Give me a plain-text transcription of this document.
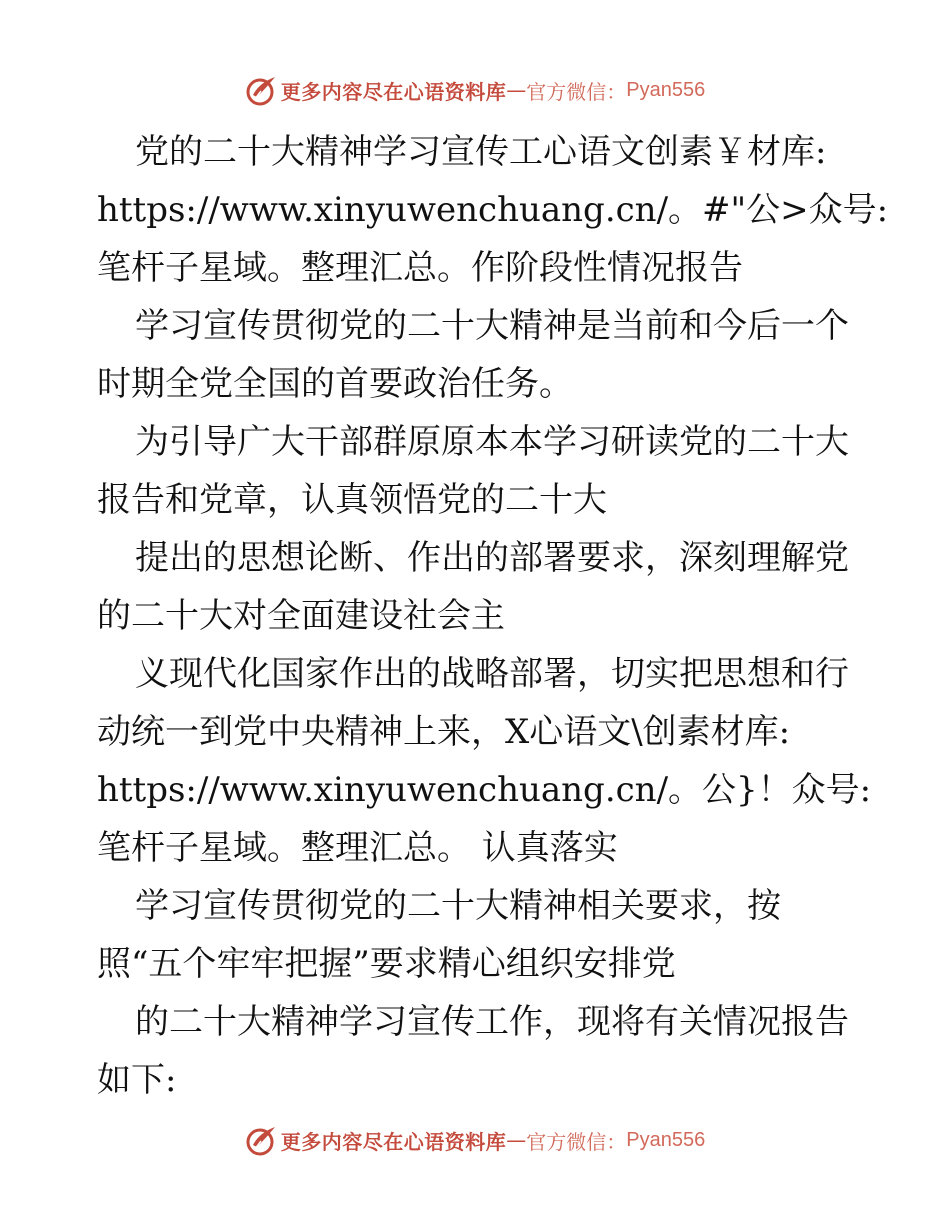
更多内容尽在心语资料库 — 官方微信： Pyan556
党的二十大精神学习宣传工心语文创素￥材库:
https://www.xinyuwenchuang.cn/。#"公>众号:
笔杆子星域。整理汇总。作阶段性情况报告
学习宣传贯彻党的二十大精神是当前和今后一个
时期全党全国的首要政治任务。
为引导广大干部群原原本本学习研读党的二十大
报告和党章，认真领悟党的二十大
提出的思想论断、作出的部署要求，深刻理解党
的二十大对全面建设社会主
义现代化国家作出的战略部署，切实把思想和行
动统一到党中央精神上来，X心语文\创素材库:
https://www.xinyuwenchuang.cn/。公}！众号:
笔杆子星域。整理汇总。 认真落实
学习宣传贯彻党的二十大精神相关要求，按
照“五个牢牢把握”要求精心组织安排党
的二十大精神学习宣传工作，现将有关情况报告
如下:
更多内容尽在心语资料库 — 官方微信： Pyan556
